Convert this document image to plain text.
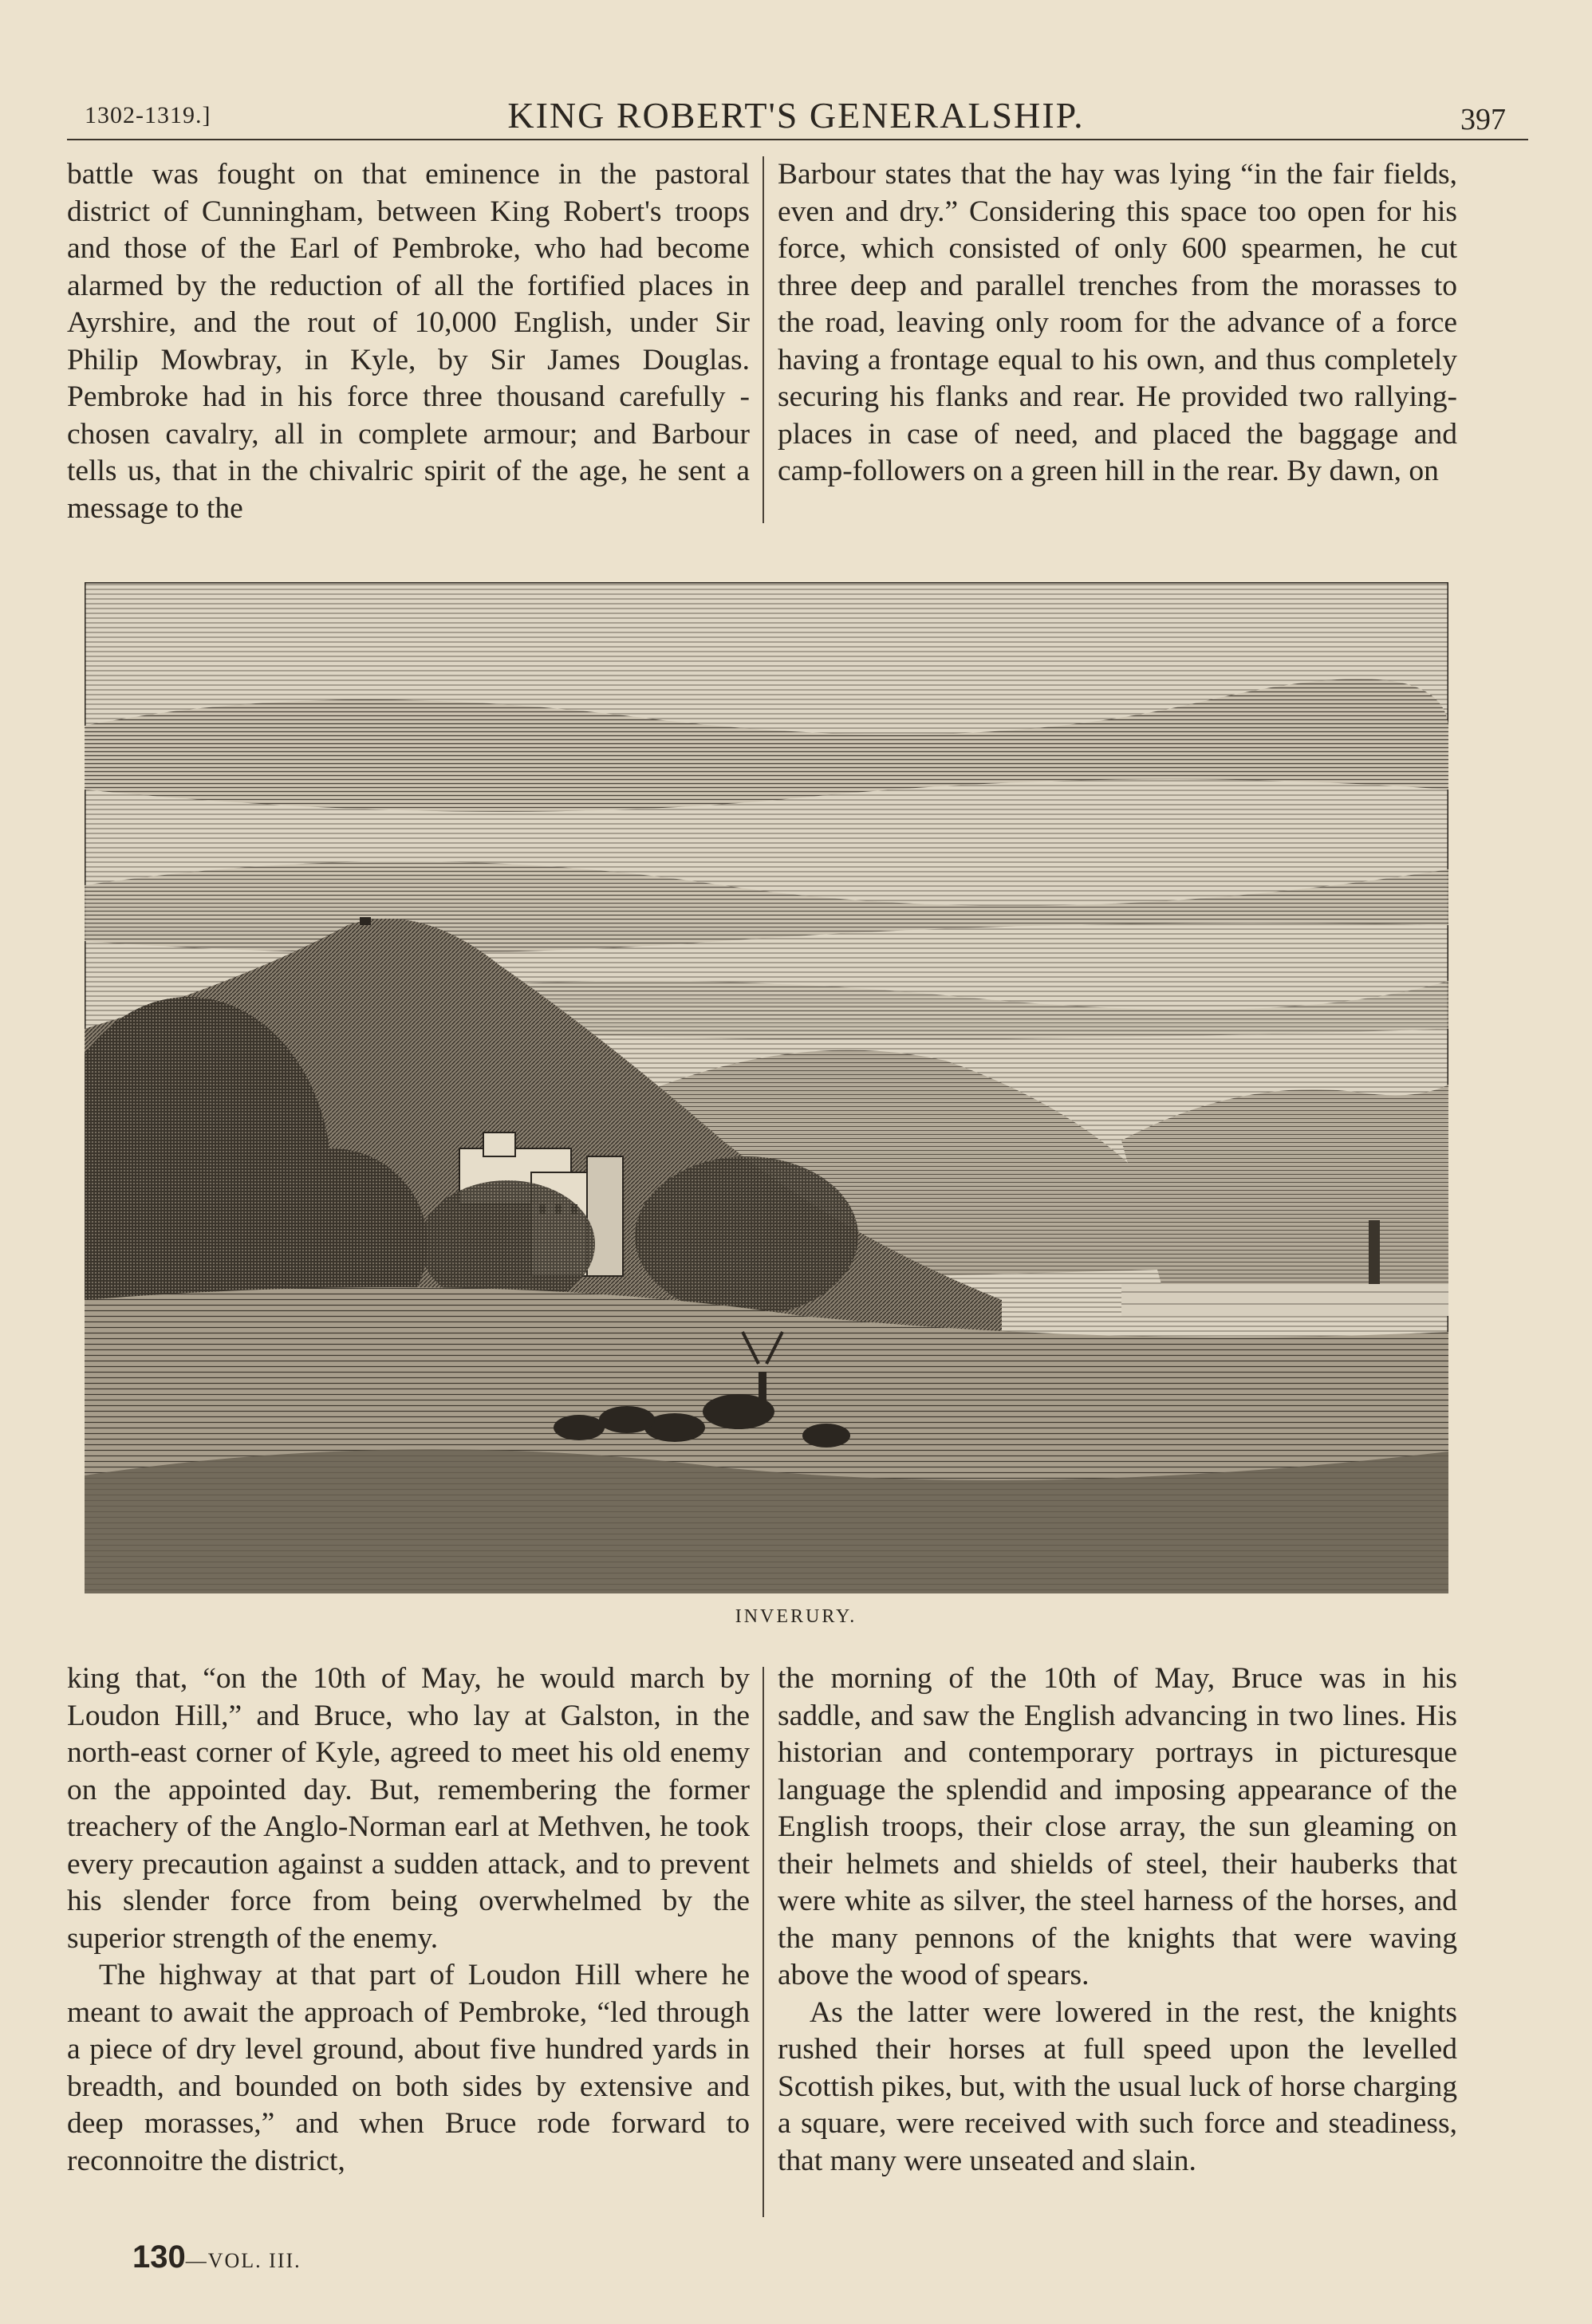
1302-1319.]	KING ROBERT'S GENERALSHIP.	397

battle was fought on that eminence in the pastoral district of Cunningham, between King Robert's troops and those of the Earl of Pembroke, who had become alarmed by the reduction of all the fortified places in Ayrshire, and the rout of 10,000 English, under Sir Philip Mowbray, in Kyle, by Sir James Douglas. Pembroke had in his force three thousand carefully - chosen cavalry, all in complete armour; and Barbour tells us, that in the chivalric spirit of the age, he sent a message to the

Barbour states that the hay was lying “in the fair fields, even and dry.” Considering this space too open for his force, which consisted of only 600 spearmen, he cut three deep and parallel trenches from the morasses to the road, leaving only room for the advance of a force having a frontage equal to his own, and thus completely securing his flanks and rear. He provided two rallying-places in case of need, and placed the baggage and camp-followers on a green hill in the rear. By dawn, on

INVERURY.

king that, “on the 10th of May, he would march by Loudon Hill,” and Bruce, who lay at Galston, in the north-east corner of Kyle, agreed to meet his old enemy on the appointed day. But, remembering the former treachery of the Anglo-Norman earl at Methven, he took every precaution against a sudden attack, and to prevent his slender force from being overwhelmed by the superior strength of the enemy.

The highway at that part of Loudon Hill where he meant to await the approach of Pembroke, “led through a piece of dry level ground, about five hundred yards in breadth, and bounded on both sides by extensive and deep morasses,” and when Bruce rode forward to reconnoitre the district,

the morning of the 10th of May, Bruce was in his saddle, and saw the English advancing in two lines. His historian and contemporary portrays in picturesque language the splendid and imposing appearance of the English troops, their close array, the sun gleaming on their helmets and shields of steel, their hauberks that were white as silver, the steel harness of the horses, and the many pennons of the knights that were waving above the wood of spears.

As the latter were lowered in the rest, the knights rushed their horses at full speed upon the levelled Scottish pikes, but, with the usual luck of horse charging a square, were received with such force and steadiness, that many were unseated and slain.

130—VOL. III.
